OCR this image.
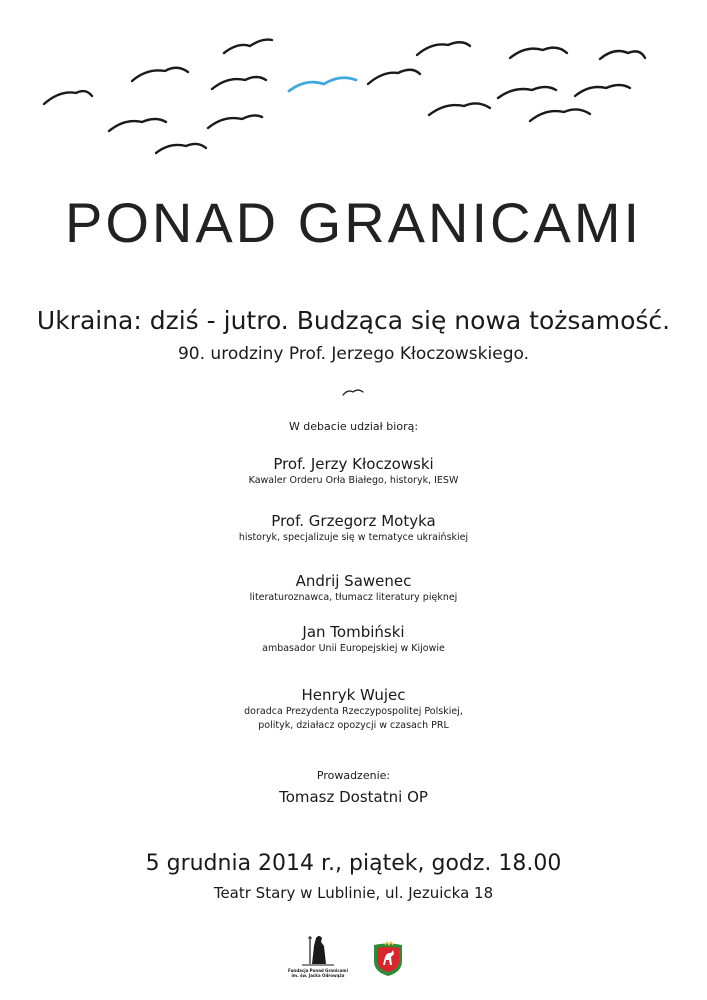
PONAD GRANICAMI
Ukraina: dziś - jutro. Budząca się nowa tożsamość.
90. urodziny Prof. Jerzego Kłoczowskiego.
W debacie udział biorą:
Prof. Jerzy Kłoczowski
Kawaler Orderu Orła Białego, historyk, IESW
Prof. Grzegorz Motyka
historyk, specjalizuje się w tematyce ukraińskiej
Andrij Sawenec
literaturoznawca, tłumacz literatury pięknej
Jan Tombiński
ambasador Unii Europejskiej w Kijowie
Henryk Wujec
doradca Prezydenta Rzeczypospolitej Polskiej,
polityk, działacz opozycji w czasach PRL
Prowadzenie:
Tomasz Dostatni OP
5 grudnia 2014 r., piątek, godz. 18.00
Teatr Stary w Lublinie, ul. Jezuicka 18
Fundacja Ponad Granicami
im. św. Jacka Odrowąża
